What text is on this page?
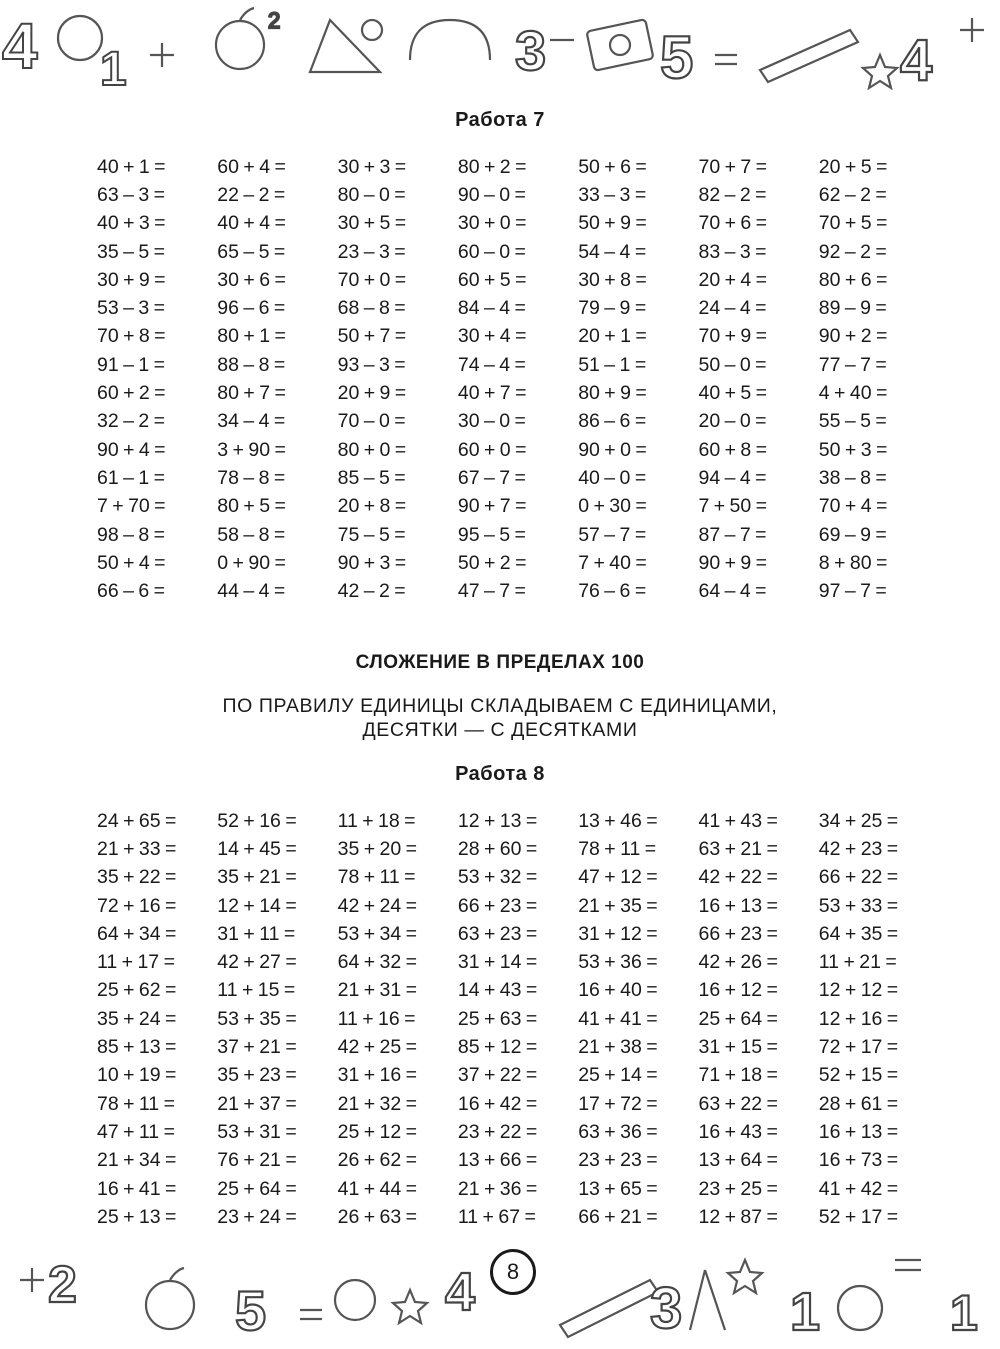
4 1
2	3 5	4
Работа 7
40 + 1 =	60 + 4 =	30 + 3 =	80 + 2 =	50 + 6 =	70 + 7 =	20 + 5 =
63 – 3 =	22 – 2 =	80 – 0 =	90 – 0 =	33 – 3 =	82 – 2 =	62 – 2 =
40 + 3 =	40 + 4 =	30 + 5 =	30 + 0 =	50 + 9 =	70 + 6 =	70 + 5 =
35 – 5 =	65 – 5 =	23 – 3 =	60 – 0 =	54 – 4 =	83 – 3 =	92 – 2 =
30 + 9 =	30 + 6 =	70 + 0 =	60 + 5 =	30 + 8 =	20 + 4 =	80 + 6 =
53 – 3 =	96 – 6 =	68 – 8 =	84 – 4 =	79 – 9 =	24 – 4 =	89 – 9 =
70 + 8 =	80 + 1 =	50 + 7 =	30 + 4 =	20 + 1 =	70 + 9 =	90 + 2 =
91 – 1 =	88 – 8 =	93 – 3 =	74 – 4 =	51 – 1 =	50 – 0 =	77 – 7 =
60 + 2 =	80 + 7 =	20 + 9 =	40 + 7 =	80 + 9 =	40 + 5 =	4 + 40 =
32 – 2 =	34 – 4 =	70 – 0 =	30 – 0 =	86 – 6 =	20 – 0 =	55 – 5 =
90 + 4 =	3 + 90 =	80 + 0 =	60 + 0 =	90 + 0 =	60 + 8 =	50 + 3 =
61 – 1 =	78 – 8 =	85 – 5 =	67 – 7 =	40 – 0 =	94 – 4 =	38 – 8 =
7 + 70 =	80 + 5 =	20 + 8 =	90 + 7 =	0 + 30 =	7 + 50 =	70 + 4 =
98 – 8 =	58 – 8 =	75 – 5 =	95 – 5 =	57 – 7 =	87 – 7 =	69 – 9 =
50 + 4 =	0 + 90 =	90 + 3 =	50 + 2 =	7 + 40 =	90 + 9 =	8 + 80 =
66 – 6 =	44 – 4 =	42 – 2 =	47 – 7 =	76 – 6 =	64 – 4 =	97 – 7 =
СЛОЖЕНИЕ В ПРЕДЕЛАХ 100
ПО ПРАВИЛУ ЕДИНИЦЫ СКЛАДЫВАЕМ С ЕДИНИЦАМИ,
ДЕСЯТКИ — С ДЕСЯТКАМИ
Работа 8
24 + 65 =	52 + 16 =	11 + 18 =	12 + 13 =	13 + 46 =	41 + 43 =	34 + 25 =
21 + 33 =	14 + 45 =	35 + 20 =	28 + 60 =	78 + 11 =	63 + 21 =	42 + 23 =
35 + 22 =	35 + 21 =	78 + 11 =	53 + 32 =	47 + 12 =	42 + 22 =	66 + 22 =
72 + 16 =	12 + 14 =	42 + 24 =	66 + 23 =	21 + 35 =	16 + 13 =	53 + 33 =
64 + 34 =	31 + 11 =	53 + 34 =	63 + 23 =	31 + 12 =	66 + 23 =	64 + 35 =
11 + 17 =	42 + 27 =	64 + 32 =	31 + 14 =	53 + 36 =	42 + 26 =	11 + 21 =
25 + 62 =	11 + 15 =	21 + 31 =	14 + 43 =	16 + 40 =	16 + 12 =	12 + 12 =
35 + 24 =	53 + 35 =	11 + 16 =	25 + 63 =	41 + 41 =	25 + 64 =	12 + 16 =
85 + 13 =	37 + 21 =	42 + 25 =	85 + 12 =	21 + 38 =	31 + 15 =	72 + 17 =
10 + 19 =	35 + 23 =	31 + 16 =	37 + 22 =	25 + 14 =	71 + 18 =	52 + 15 =
78 + 11 =	21 + 37 =	21 + 32 =	16 + 42 =	17 + 72 =	63 + 22 =	28 + 61 =
47 + 11 =	53 + 31 =	25 + 12 =	23 + 22 =	63 + 36 =	16 + 43 =	16 + 13 =
21 + 34 =	76 + 21 =	26 + 62 =	13 + 66 =	23 + 23 =	13 + 64 =	16 + 73 =
16 + 41 =	25 + 64 =	41 + 44 =	21 + 36 =	13 + 65 =	23 + 25 =	41 + 42 =
25 + 13 =	23 + 24 =	26 + 63 =	11 + 67 =	66 + 21 =	12 + 87 =	52 + 17 =
2	5	4	3 1	1
8
